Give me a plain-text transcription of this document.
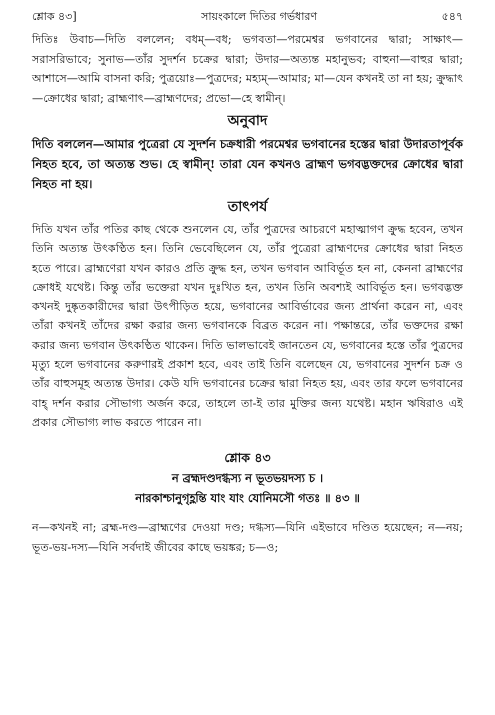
শ্লোক ৪৩]	সায়ংকালে দিতির গর্ভধারণ	৫৪৭

দিতিঃ উবাচ—দিতি বললেন; বধম্—বধ; ভগবতা—পরমেশ্বর ভগবানের দ্বারা; সাক্ষাৎ—সরাসরিভাবে; সুনাভ—তাঁর সুদর্শন চক্রের দ্বারা; উদার—অত্যন্ত মহানুভব; বাহুনা—বাহুর দ্বারা; আশাসে—আমি বাসনা করি; পুত্রয়োঃ—পুত্রদের; মহ্যম্—আমার; মা—যেন কখনই তা না হয়; ক্রুদ্ধাৎ—ক্রোধের দ্বারা; ব্রাহ্মণাৎ—ব্রাহ্মণদের; প্রভো—হে স্বামীন্।

অনুবাদ

দিতি বললেন—আমার পুত্রেরা যে সুদর্শন চক্রধারী পরমেশ্বর ভগবানের হস্তের দ্বারা উদারতাপূর্বক নিহত হবে, তা অত্যন্ত শুভ। হে স্বামীন্! তারা যেন কখনও ব্রাহ্মণ ভগবদ্ভক্তদের ক্রোধের দ্বারা নিহত না হয়।

তাৎপর্য

দিতি যখন তাঁর পতির কাছ থেকে শুনলেন যে, তাঁর পুত্রদের আচরণে মহাত্মাগণ ক্রুদ্ধ হবেন, তখন তিনি অত্যন্ত উৎকণ্ঠিত হন। তিনি ভেবেছিলেন যে, তাঁর পুত্রেরা ব্রাহ্মণদের ক্রোধের দ্বারা নিহত হতে পারে। ব্রাহ্মণেরা যখন কারও প্রতি ক্রুদ্ধ হন, তখন ভগবান আবির্ভূত হন না, কেননা ব্রাহ্মণের ক্রোধই যথেষ্ট। কিন্তু তাঁর ভক্তেরা যখন দুঃখিত হন, তখন তিনি অবশ্যই আবির্ভূত হন। ভগবদ্ভক্ত কখনই দুষ্কৃতকারীদের দ্বারা উৎপীড়িত হয়ে, ভগবানের আবির্ভাবের জন্য প্রার্থনা করেন না, এবং তাঁরা কখনই তাঁদের রক্ষা করার জন্য ভগবানকে বিব্রত করেন না। পক্ষান্তরে, তাঁর ভক্তদের রক্ষা করার জন্য ভগবান উৎকণ্ঠিত থাকেন। দিতি ভালভাবেই জানতেন যে, ভগবানের হস্তে তাঁর পুত্রদের মৃত্যু হলে ভগবানের করুণারই প্রকাশ হবে, এবং তাই তিনি বলেছেন যে, ভগবানের সুদর্শন চক্র ও তাঁর বাহুসমূহ অত্যন্ত উদার। কেউ যদি ভগবানের চক্রের দ্বারা নিহত হয়, এবং তার ফলে ভগবানের বাহ্ দর্শন করার সৌভাগ্য অর্জন করে, তাহলে তা-ই তার মুক্তির জন্য যথেষ্ট। মহান ঋষিরাও এই প্রকার সৌভাগ্য লাভ করতে পারেন না।

শ্লোক ৪৩
ন ব্রহ্মদণ্ডদগ্ধস্য ন ভূতভয়দস্য চ ।
নারকাশ্চানুগৃহ্ণন্তি যাং যাং যোনিমসৌ গতঃ ॥ ৪৩ ॥

ন—কখনই না; ব্রহ্ম-দণ্ড—ব্রাহ্মণের দেওয়া দণ্ড; দগ্ধস্য—যিনি এইভাবে দণ্ডিত হয়েছেন; ন—নয়; ভূত-ভয়-দস্য—যিনি সর্বদাই জীবের কাছে ভয়ঙ্কর; চ—ও;
